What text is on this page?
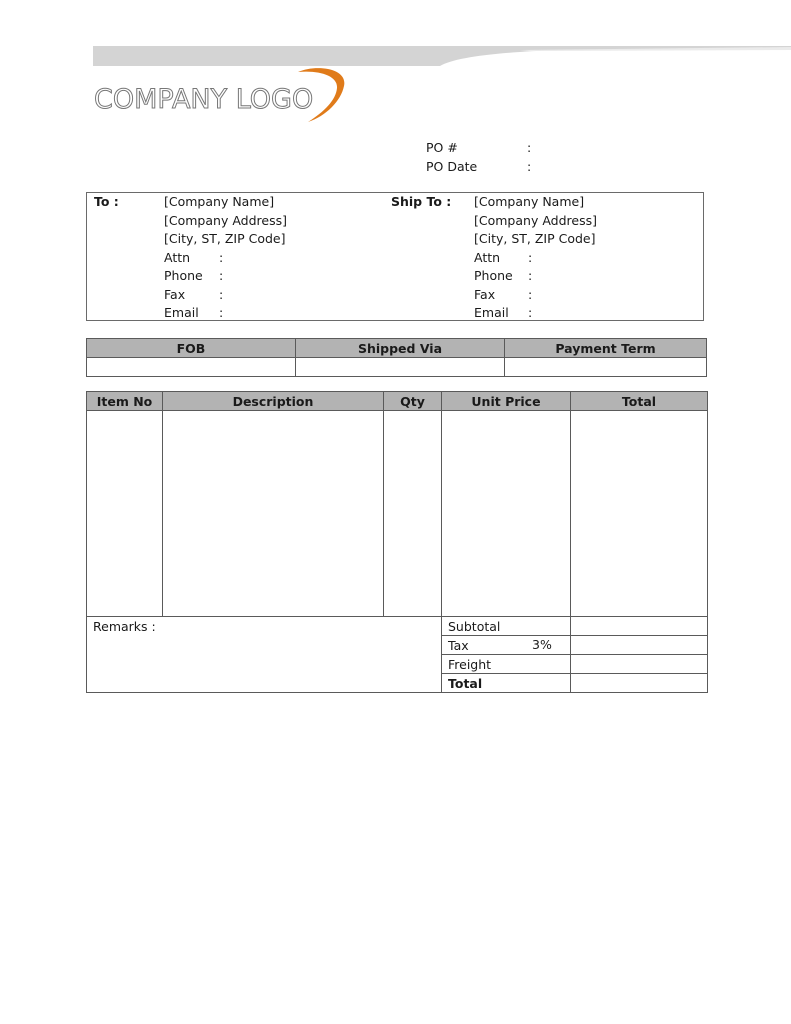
COMPANY LOGO
PO #	:
PO Date	:
To :	[Company Name]
[Company Address]
[City, ST, ZIP Code]
Attn :
Phone :
Fax	:
Email :
Ship To : [Company Name]
[Company Address]
[City, ST, ZIP Code]
Attn :
Phone :
Fax	:
Email :
FOB	Shipped Via	Payment Term

Item No	Description	Qty	Unit Price	Total

Remarks :			Subtotal	
			Tax 3%	

			Freight	
			Total	
